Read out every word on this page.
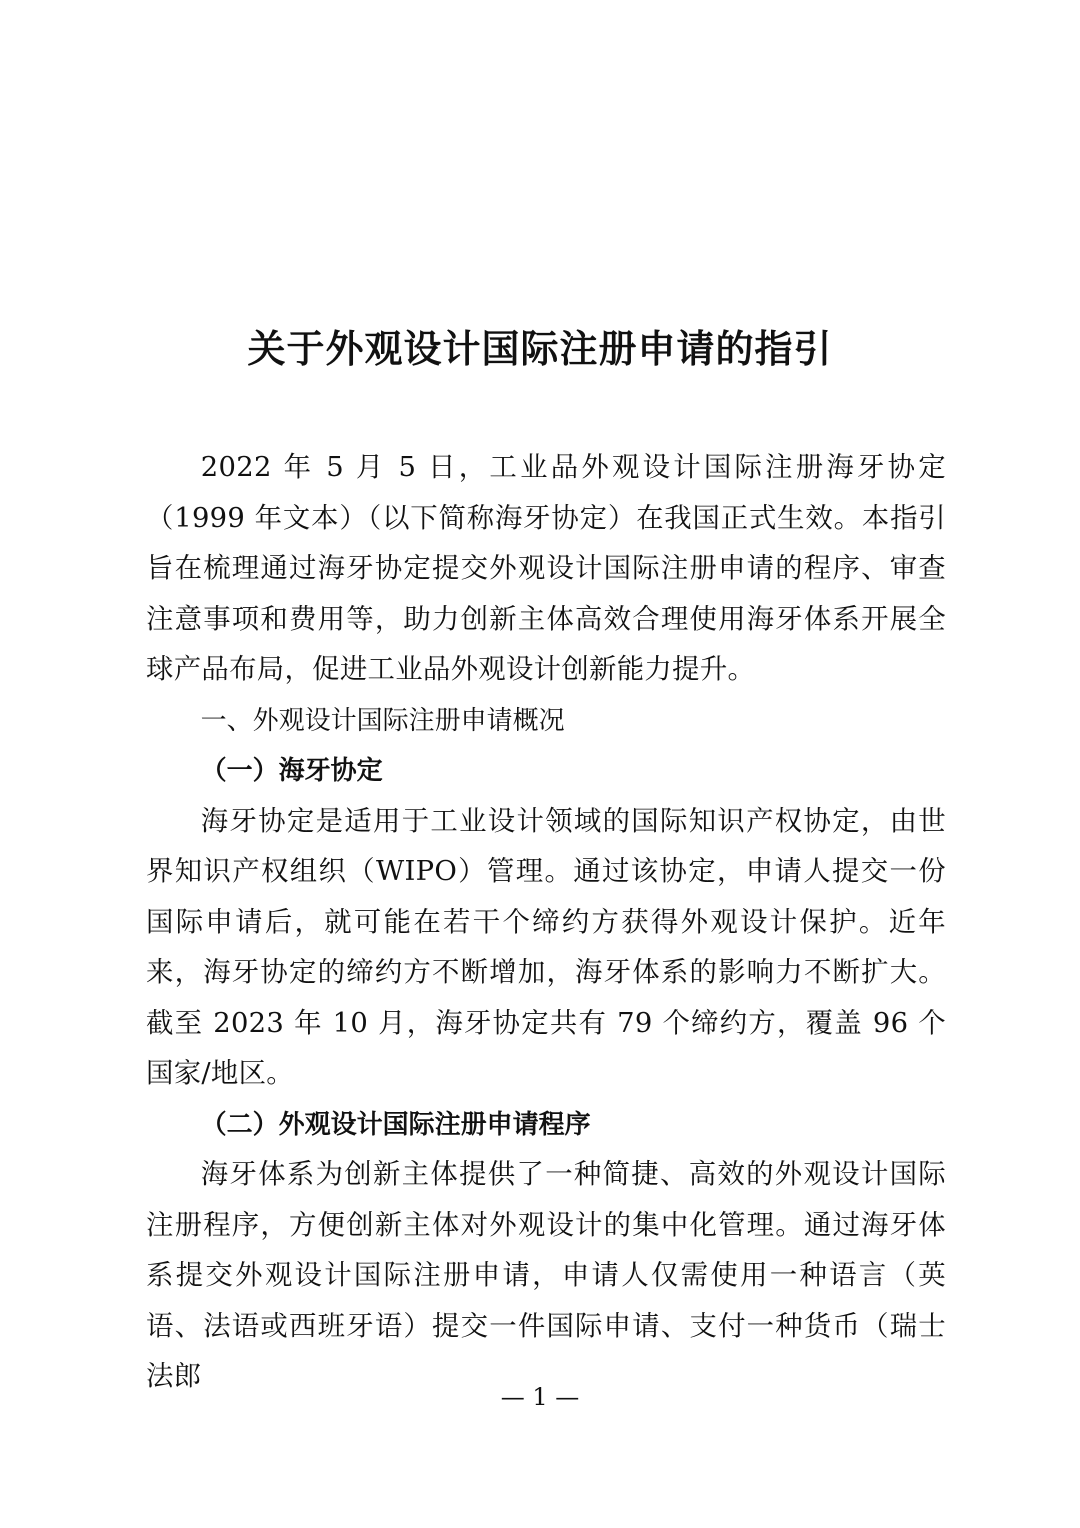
关于外观设计国际注册申请的指引

2022 年 5 月 5 日，工业品外观设计国际注册海牙协定（1999 年文本）（以下简称海牙协定）在我国正式生效。本指引旨在梳理通过海牙协定提交外观设计国际注册申请的程序、审查注意事项和费用等，助力创新主体高效合理使用海牙体系开展全球产品布局，促进工业品外观设计创新能力提升。

一、外观设计国际注册申请概况

（一）海牙协定

海牙协定是适用于工业设计领域的国际知识产权协定，由世界知识产权组织（WIPO）管理。通过该协定，申请人提交一份国际申请后，就可能在若干个缔约方获得外观设计保护。近年来，海牙协定的缔约方不断增加，海牙体系的影响力不断扩大。截至 2023 年 10 月，海牙协定共有 79 个缔约方，覆盖 96 个国家/地区。

（二）外观设计国际注册申请程序

海牙体系为创新主体提供了一种简捷、高效的外观设计国际注册程序，方便创新主体对外观设计的集中化管理。通过海牙体系提交外观设计国际注册申请，申请人仅需使用一种语言（英语、法语或西班牙语）提交一件国际申请、支付一种货币（瑞士法郎

— 1 —
